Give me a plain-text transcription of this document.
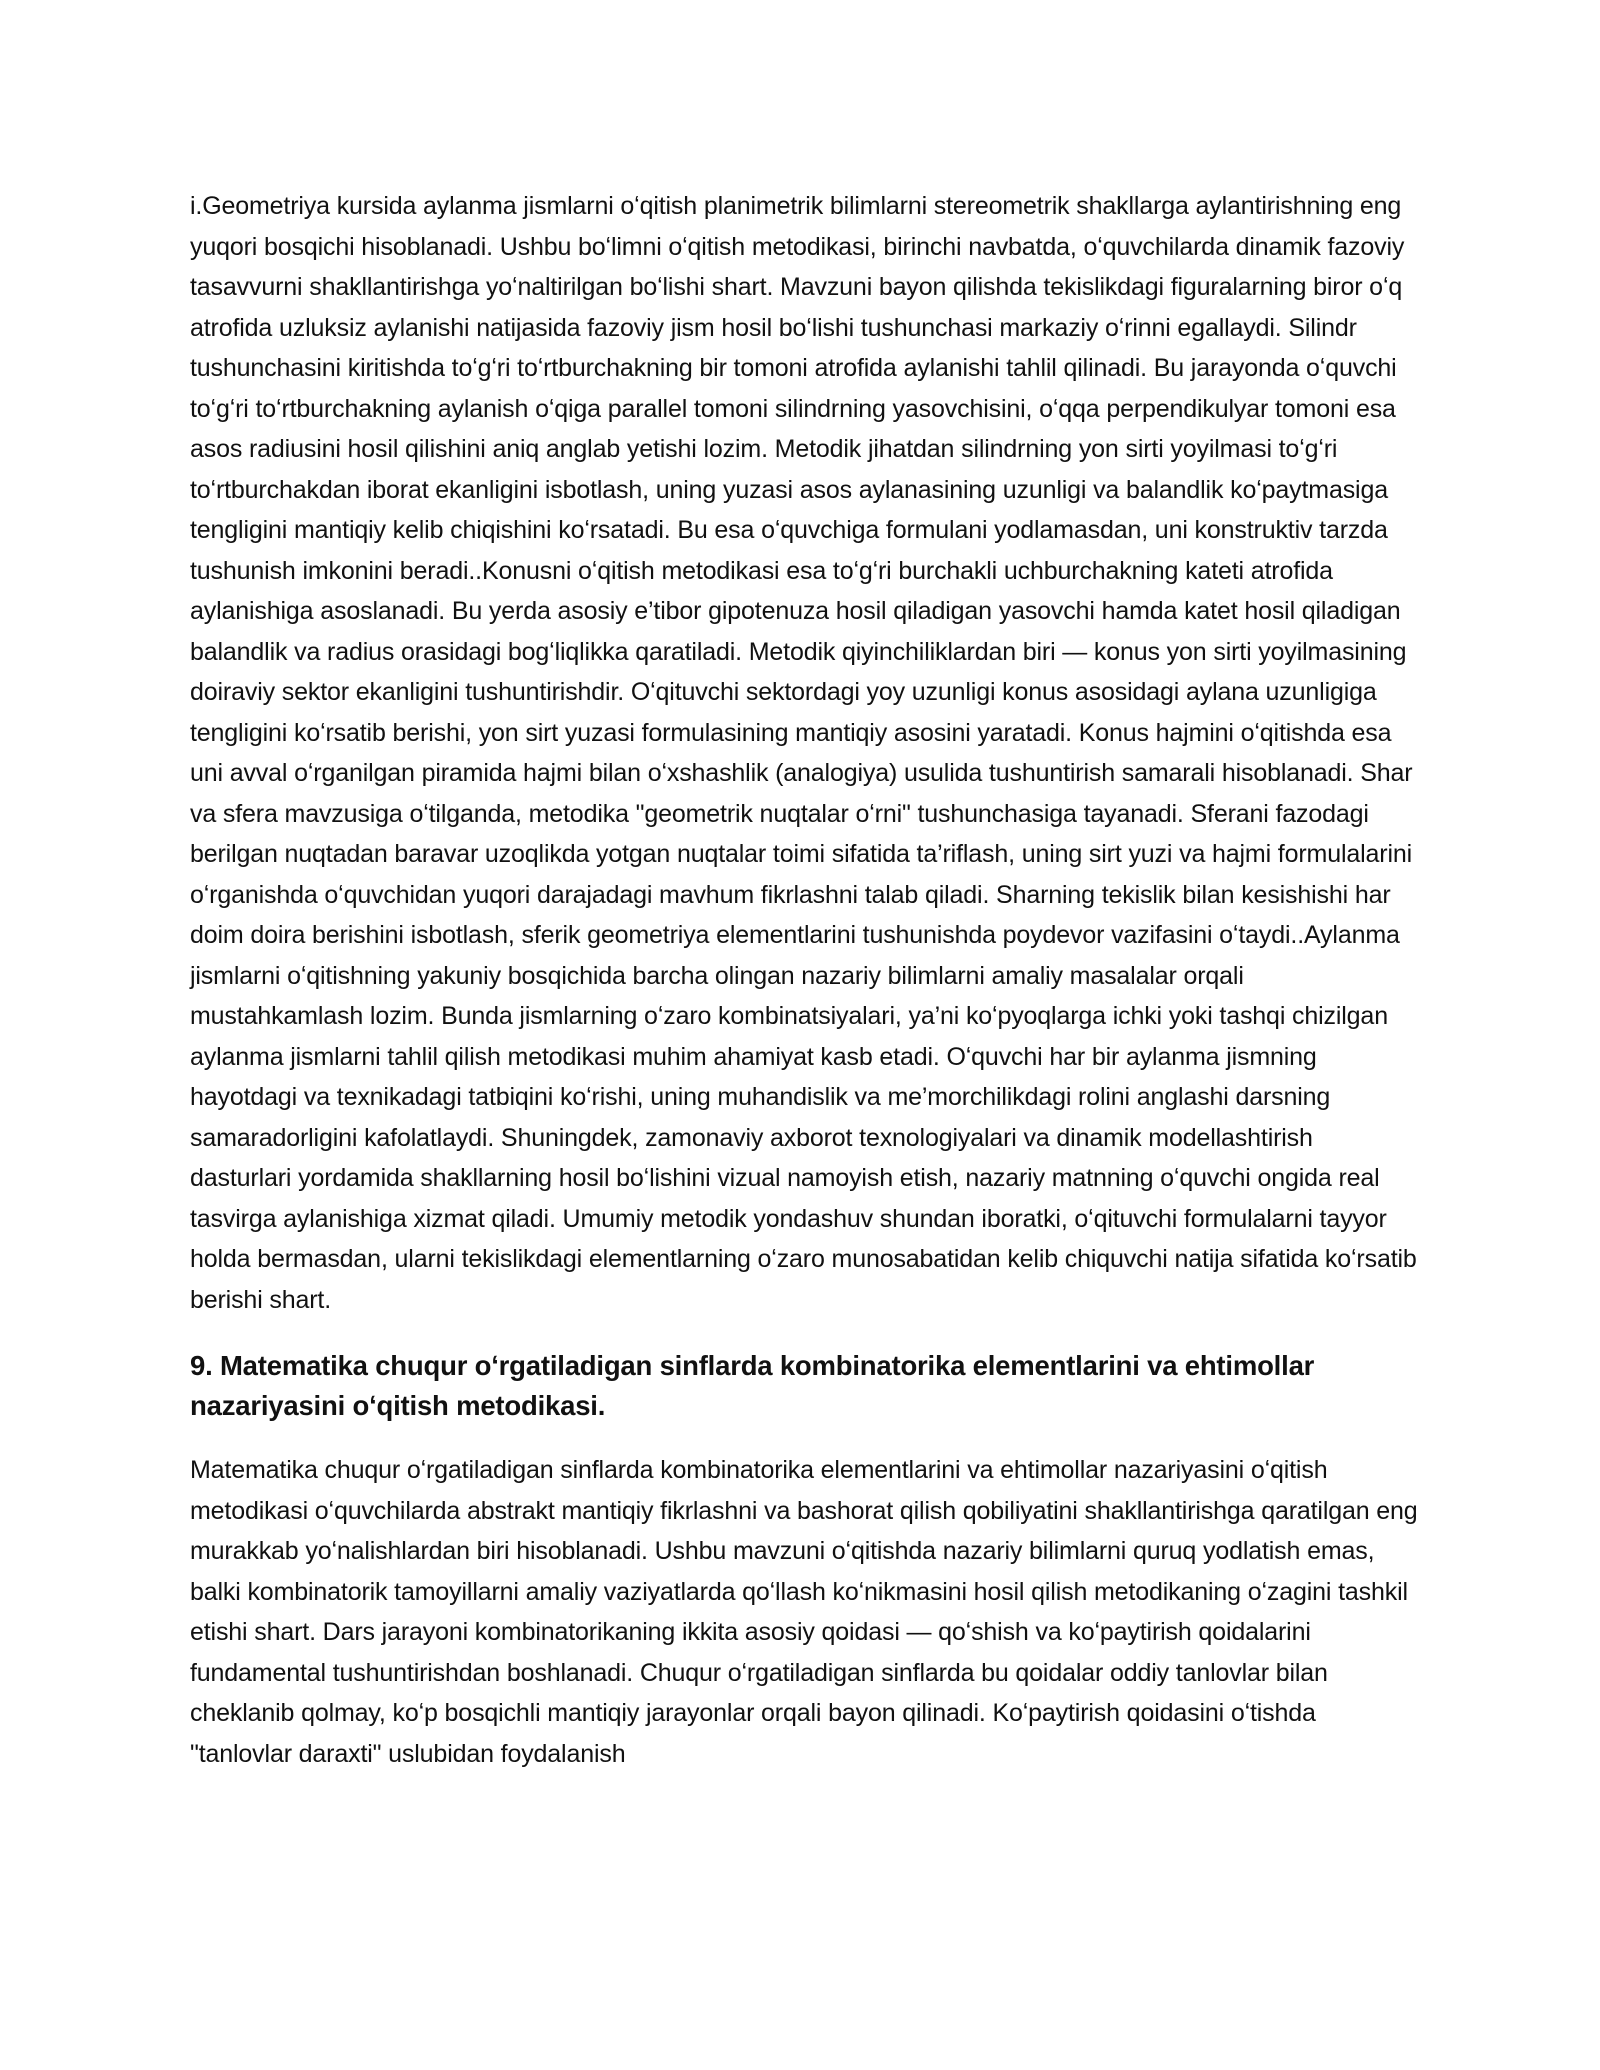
i.Geometriya kursida aylanma jismlarni oʻqitish planimetrik bilimlarni stereometrik shakllarga aylantirishning eng yuqori bosqichi hisoblanadi. Ushbu boʻlimni oʻqitish metodikasi, birinchi navbatda, oʻquvchilarda dinamik fazoviy tasavvurni shakllantirishga yoʻnaltirilgan boʻlishi shart. Mavzuni bayon qilishda tekislikdagi figuralarning biror oʻq atrofida uzluksiz aylanishi natijasida fazoviy jism hosil boʻlishi tushunchasi markaziy oʻrinni egallaydi. Silindr tushunchasini kiritishda toʻgʻri toʻrtburchakning bir tomoni atrofida aylanishi tahlil qilinadi. Bu jarayonda oʻquvchi toʻgʻri toʻrtburchakning aylanish oʻqiga parallel tomoni silindrning yasovchisini, oʻqqa perpendikulyar tomoni esa asos radiusini hosil qilishini aniq anglab yetishi lozim. Metodik jihatdan silindrning yon sirti yoyilmasi toʻgʻri toʻrtburchakdan iborat ekanligini isbotlash, uning yuzasi asos aylanasining uzunligi va balandlik koʻpaytmasiga tengligini mantiqiy kelib chiqishini koʻrsatadi. Bu esa oʻquvchiga formulani yodlamasdan, uni konstruktiv tarzda tushunish imkonini beradi..Konusni oʻqitish metodikasi esa toʻgʻri burchakli uchburchakning kateti atrofida aylanishiga asoslanadi. Bu yerda asosiy e’tibor gipotenuza hosil qiladigan yasovchi hamda katet hosil qiladigan balandlik va radius orasidagi bogʻliqlikka qaratiladi. Metodik qiyinchiliklardan biri — konus yon sirti yoyilmasining doiraviy sektor ekanligini tushuntirishdir. Oʻqituvchi sektordagi yoy uzunligi konus asosidagi aylana uzunligiga tengligini koʻrsatib berishi, yon sirt yuzasi formulasining mantiqiy asosini yaratadi. Konus hajmini oʻqitishda esa uni avval oʻrganilgan piramida hajmi bilan oʻxshashlik (analogiya) usulida tushuntirish samarali hisoblanadi. Shar va sfera mavzusiga oʻtilganda, metodika "geometrik nuqtalar oʻrni" tushunchasiga tayanadi. Sferani fazodagi berilgan nuqtadan baravar uzoqlikda yotgan nuqtalar toimi sifatida ta’riflash, uning sirt yuzi va hajmi formulalarini oʻrganishda oʻquvchidan yuqori darajadagi mavhum fikrlashni talab qiladi. Sharning tekislik bilan kesishishi har doim doira berishini isbotlash, sferik geometriya elementlarini tushunishda poydevor vazifasini oʻtaydi..Aylanma jismlarni oʻqitishning yakuniy bosqichida barcha olingan nazariy bilimlarni amaliy masalalar orqali mustahkamlash lozim. Bunda jismlarning oʻzaro kombinatsiyalari, ya’ni koʻpyoqlarga ichki yoki tashqi chizilgan aylanma jismlarni tahlil qilish metodikasi muhim ahamiyat kasb etadi. Oʻquvchi har bir aylanma jismning hayotdagi va texnikadagi tatbiqini koʻrishi, uning muhandislik va me’morchilikdagi rolini anglashi darsning samaradorligini kafolatlaydi. Shuningdek, zamonaviy axborot texnologiyalari va dinamik modellashtirish dasturlari yordamida shakllarning hosil boʻlishini vizual namoyish etish, nazariy matnning oʻquvchi ongida real tasvirga aylanishiga xizmat qiladi. Umumiy metodik yondashuv shundan iboratki, oʻqituvchi formulalarni tayyor holda bermasdan, ularni tekislikdagi elementlarning oʻzaro munosabatidan kelib chiquvchi natija sifatida koʻrsatib berishi shart.

9. Matematika chuqur oʻrgatiladigan sinflarda kombinatorika elementlarini va ehtimollar nazariyasini oʻqitish metodikasi.

Matematika chuqur oʻrgatiladigan sinflarda kombinatorika elementlarini va ehtimollar nazariyasini oʻqitish metodikasi oʻquvchilarda abstrakt mantiqiy fikrlashni va bashorat qilish qobiliyatini shakllantirishga qaratilgan eng murakkab yoʻnalishlardan biri hisoblanadi. Ushbu mavzuni oʻqitishda nazariy bilimlarni quruq yodlatish emas, balki kombinatorik tamoyillarni amaliy vaziyatlarda qoʻllash koʻnikmasini hosil qilish metodikaning oʻzagini tashkil etishi shart. Dars jarayoni kombinatorikaning ikkita asosiy qoidasi — qoʻshish va koʻpaytirish qoidalarini fundamental tushuntirishdan boshlanadi. Chuqur oʻrgatiladigan sinflarda bu qoidalar oddiy tanlovlar bilan cheklanib qolmay, koʻp bosqichli mantiqiy jarayonlar orqali bayon qilinadi. Koʻpaytirish qoidasini oʻtishda "tanlovlar daraxti" uslubidan foydalanish
